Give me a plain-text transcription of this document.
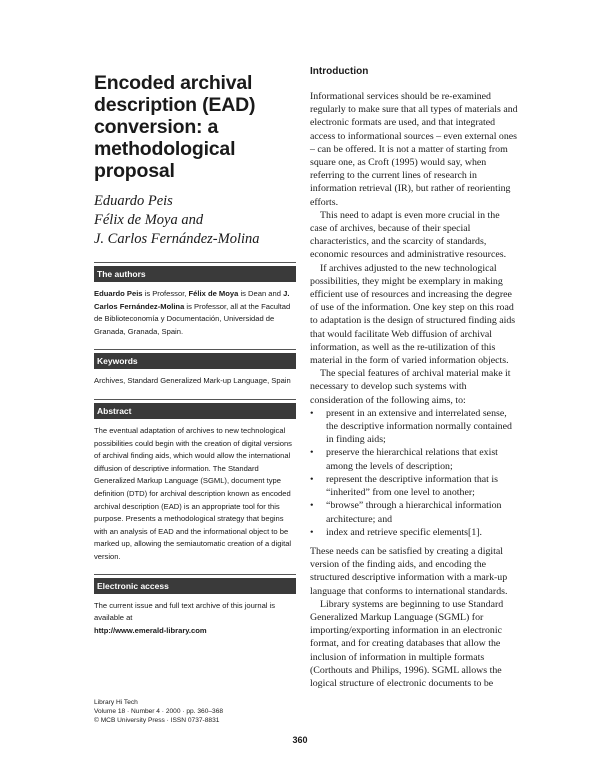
Encoded archival
description (EAD)
conversion: a
methodological
proposal
Eduardo Peis
Félix de Moya and
J. Carlos Fernández-Molina
The authors
Eduardo Peis is Professor, Félix de Moya is Dean and J. Carlos Fernández-Molina is Professor, all at the Facultad de Biblioteconomía y Documentación, Universidad de Granada, Granada, Spain.
Keywords
Archives, Standard Generalized Mark-up Language, Spain
Abstract
The eventual adaptation of archives to new technological possibilities could begin with the creation of digital versions of archival finding aids, which would allow the international diffusion of descriptive information. The Standard Generalized Markup Language (SGML), document type definition (DTD) for archival description known as encoded archival description (EAD) is an appropriate tool for this purpose. Presents a methodological strategy that begins with an analysis of EAD and the informational object to be marked up, allowing the semiautomatic creation of a digital version.
Electronic access
The current issue and full text archive of this journal is available at
http://www.emerald-library.com
Library Hi Tech
Volume 18 · Number 4 · 2000 · pp. 360–368
© MCB University Press · ISSN 0737-8831
360
Introduction

Informational services should be re-examined regularly to make sure that all types of materials and electronic formats are used, and that integrated access to informational sources – even external ones – can be offered. It is not a matter of starting from square one, as Croft (1995) would say, when referring to the current lines of research in information retrieval (IR), but rather of reorienting efforts.

This need to adapt is even more crucial in the case of archives, because of their special characteristics, and the scarcity of standards, economic resources and administrative resources.

If archives adjusted to the new technological possibilities, they might be exemplary in making efficient use of resources and increasing the degree of use of the information. One key step on this road to adaptation is the design of structured finding aids that would facilitate Web diffusion of archival information, as well as the re-utilization of this material in the form of varied information objects.

The special features of archival material make it necessary to develop such systems with consideration of the following aims, to:

• present in an extensive and interrelated sense, the descriptive information normally contained in finding aids;
• preserve the hierarchical relations that exist among the levels of description;
• represent the descriptive information that is “inherited” from one level to another;
• “browse” through a hierarchical information architecture; and
• index and retrieve specific elements[1].

These needs can be satisfied by creating a digital version of the finding aids, and encoding the structured descriptive information with a mark-up language that conforms to international standards.

Library systems are beginning to use Standard Generalized Markup Language (SGML) for importing/exporting information in an electronic format, and for creating databases that allow the inclusion of information in multiple formats (Corthouts and Philips, 1996). SGML allows the logical structure of electronic documents to be
